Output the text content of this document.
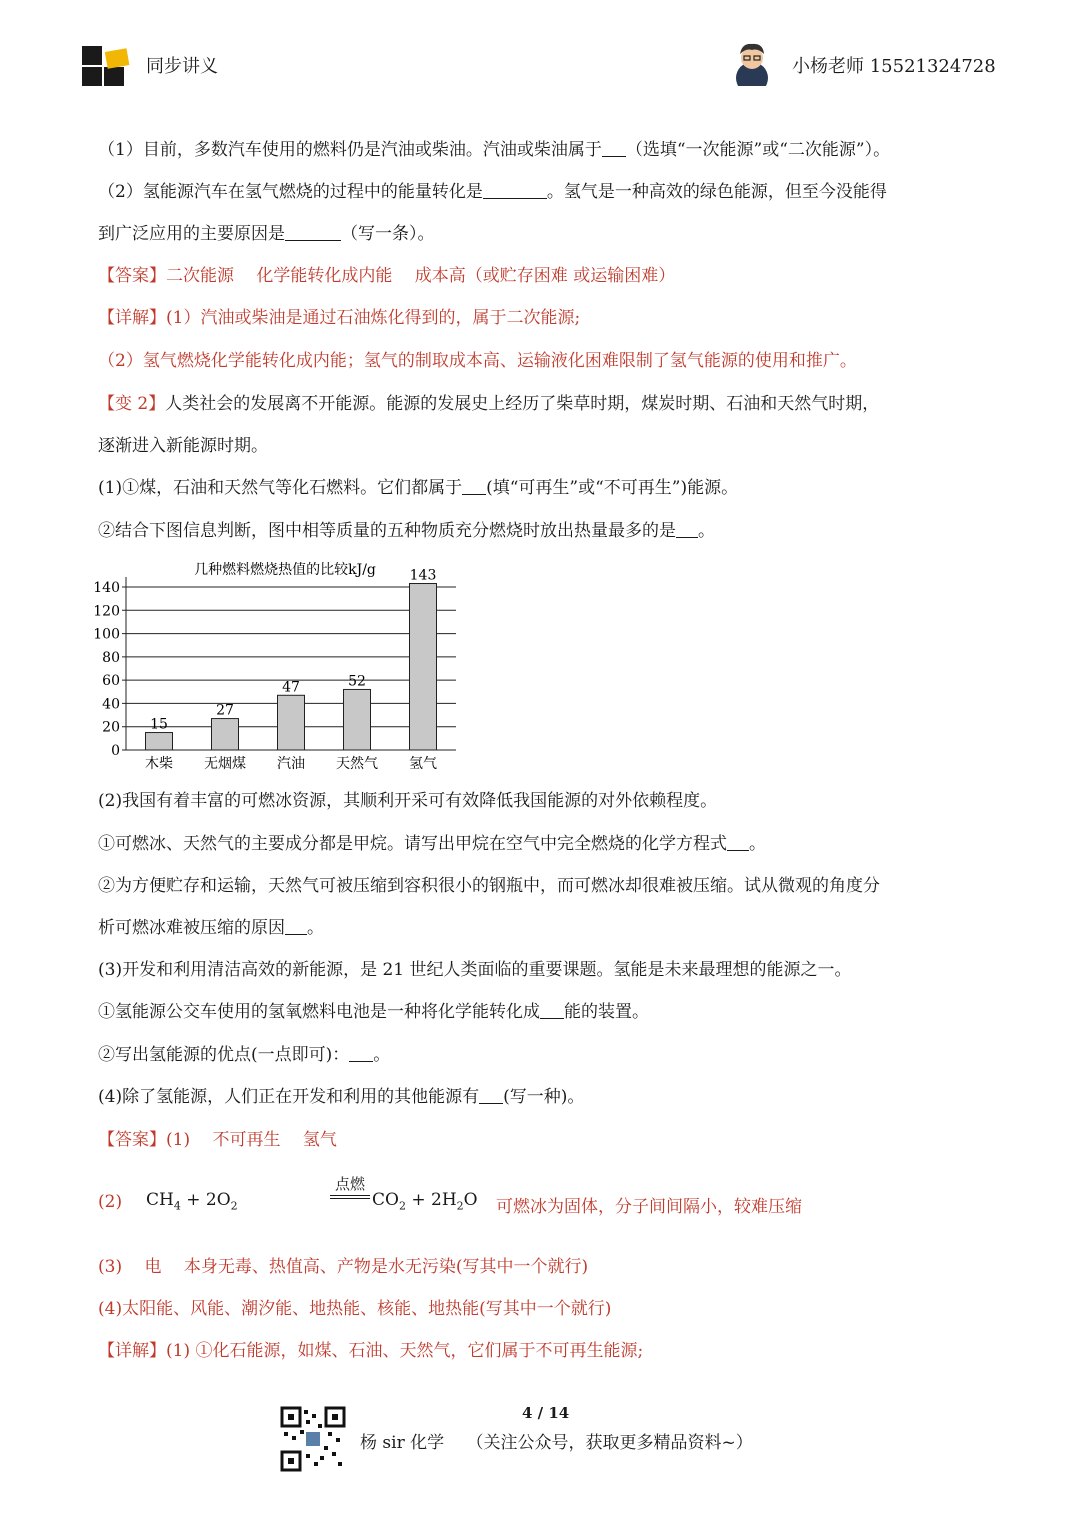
同步讲义	小杨老师 15521324728
（1）目前，多数汽车使用的燃料仍是汽油或柴油。汽油或柴油属于 （选填“一次能源”或“二次能源”）。
（2）氢能源汽车在氢气燃烧的过程中的能量转化是	。氢气是一种高效的绿色能源，但至今没能得
到广泛应用的主要原因是	（写一条）。
【答案】二次能源　 化学能转化成内能　 成本高（或贮存困难 或运输困难）
【详解】(1）汽油或柴油是通过石油炼化得到的，属于二次能源;
（2）氢气燃烧化学能转化成内能；氢气的制取成本高、运输液化困难限制了氢气能源的使用和推广。
【变 2】人类社会的发展离不开能源。能源的发展史上经历了柴草时期，煤炭时期、石油和天然气时期，
逐渐进入新能源时期。
(1)①煤，石油和天然气等化石燃料。它们都属于 (填“可再生”或“不可再生”)能源。
②结合下图信息判断，图中相等质量的五种物质充分燃烧时放出热量最多的是 。
几种燃料燃烧热值的比较kJ/g
0
20
40
60
80
100
120
140
15
木柴
27
无烟煤
47
汽油
52
天然气
143
氢气
(2)我国有着丰富的可燃冰资源，其顺利开采可有效降低我国能源的对外依赖程度。
①可燃冰、天然气的主要成分都是甲烷。请写出甲烷在空气中完全燃烧的化学方程式 。
②为方便贮存和运输，天然气可被压缩到容积很小的钢瓶中，而可燃冰却很难被压缩。试从微观的角度分
析可燃冰难被压缩的原因 。
(3)开发和利用清洁高效的新能源，是 21 世纪人类面临的重要课题。氢能是未来最理想的能源之一。
①氢能源公交车使用的氢氧燃料电池是一种将化学能转化成 能的装置。
②写出氢能源的优点(一点即可)： 。
(4)除了氢能源，人们正在开发和利用的其他能源有 (写一种)。
【答案】(1)　 不可再生　 氢气
(2) $CH_4 + 2O_2$
点燃
$CO_2 + 2H_2O$ 可燃冰为固体，分子间间隔小，较难压缩
(3)　 电　 本身无毒、热值高、产物是水无污染(写其中一个就行)
(4)太阳能、风能、潮汐能、地热能、核能、地热能(写其中一个就行)
【详解】(1) ①化石能源，如煤、石油、天然气，它们属于不可再生能源;
4 / 14
杨 sir 化学　 （关注公众号，获取更多精品资料~）
